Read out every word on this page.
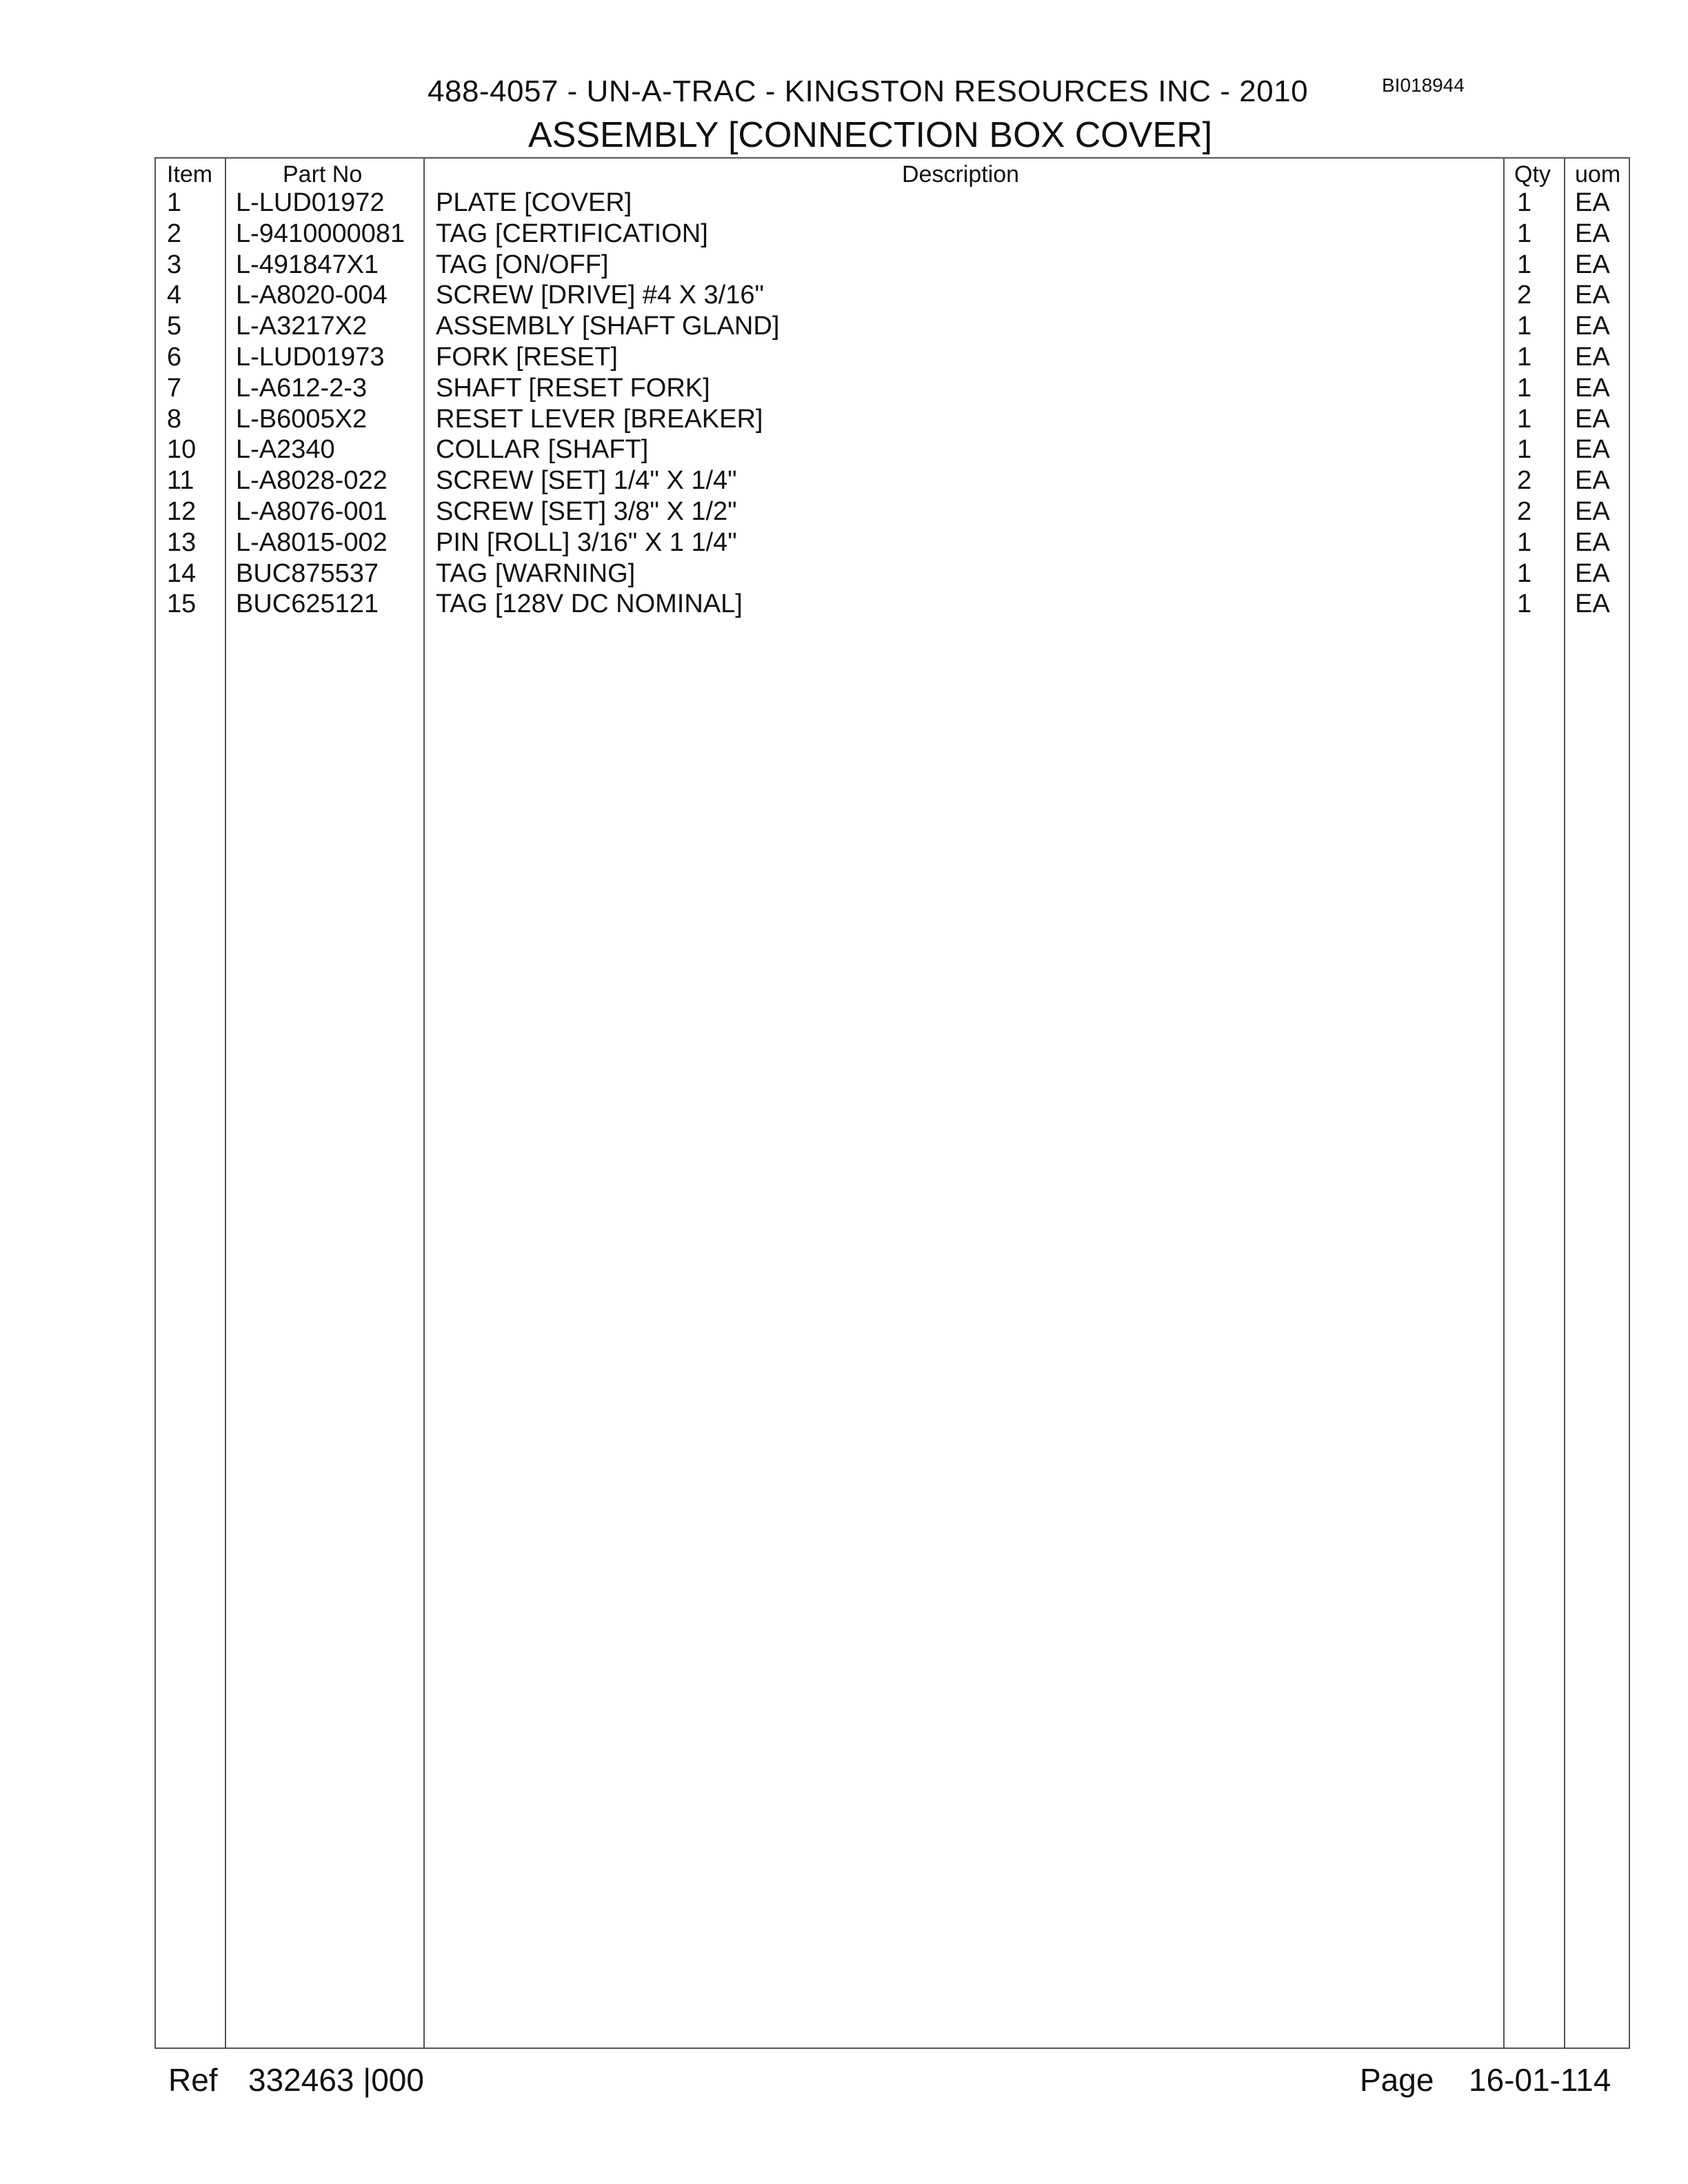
488-4057 - UN-A-TRAC - KINGSTON RESOURCES INC - 2010	BI018944
ASSEMBLY [CONNECTION BOX COVER]
Item	Part No	Description	Qty uom
1 L-LUD01972 PLATE [COVER]	1 EA
2 L-9410000081 TAG [CERTIFICATION]	1 EA
3 L-491847X1 TAG [ON/OFF]	1 EA
4 L-A8020-004 SCREW [DRIVE] #4 X 3/16"	2 EA
5 L-A3217X2	ASSEMBLY [SHAFT GLAND]	1 EA
6 L-LUD01973 FORK [RESET]	1 EA
7 L-A612-2-3	SHAFT [RESET FORK]	1 EA
8 L-B6005X2	RESET LEVER [BREAKER]	1 EA
10 L-A2340	COLLAR [SHAFT]	1 EA
11 L-A8028-022 SCREW [SET] 1/4" X 1/4"	2 EA
12 L-A8076-001 SCREW [SET] 3/8" X 1/2"	2 EA
13 L-A8015-002 PIN [ROLL] 3/16" X 1 1/4"	1 EA
14 BUC875537 TAG [WARNING]	1 EA
15 BUC625121 TAG [128V DC NOMINAL]	1 EA
Ref 332463 |000	Page 16-01-114
